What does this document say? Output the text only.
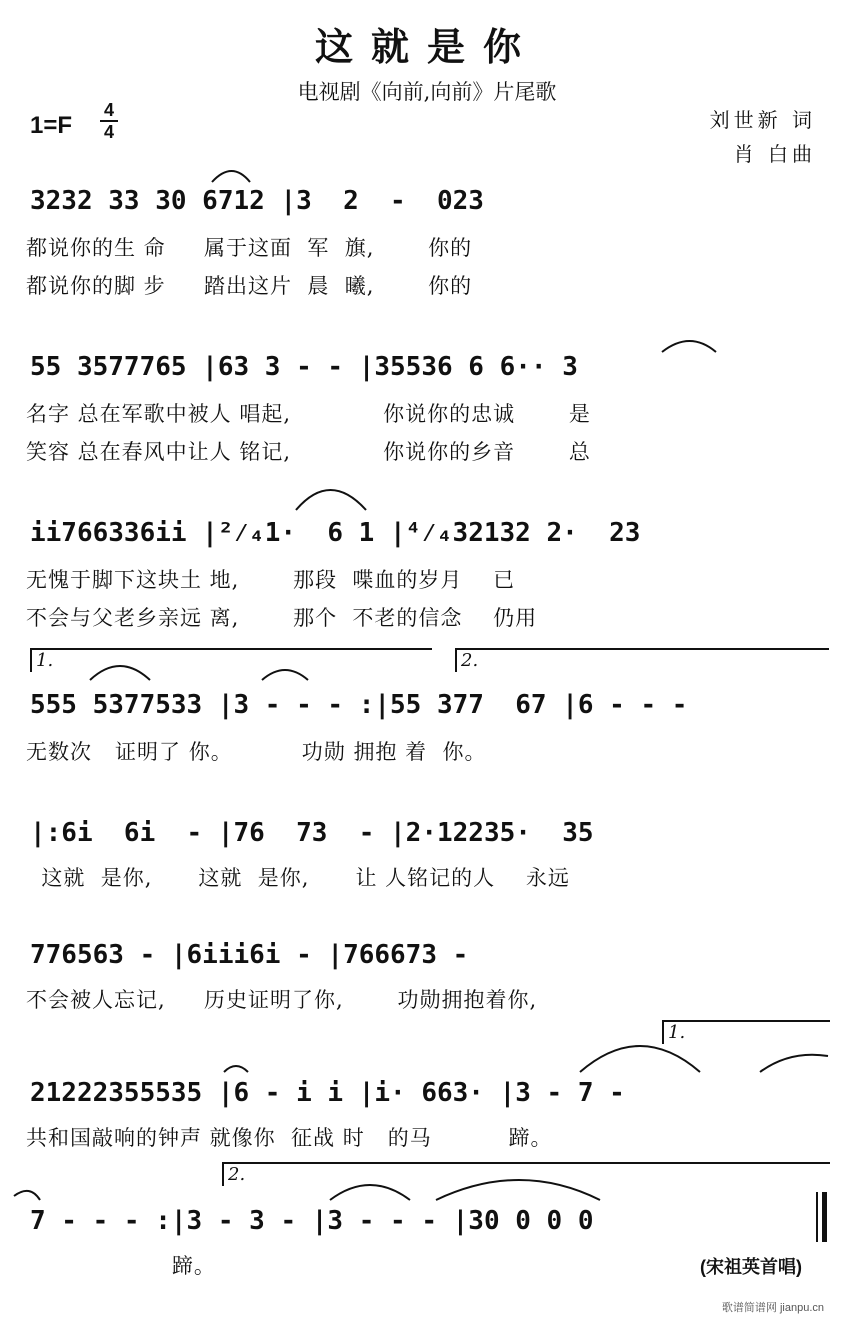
这就是你
电视剧《向前,向前》片尾歌
1=F
4
4	刘世新 词
肖 白曲
3232 33 30 6712 |3  2  -  023
都说你的生 命     属于这面  军  旗,       你的
都说你的脚 步     踏出这片  晨  曦,       你的
55 3577765 |63 3 - - |35536 6 6·· 3
名字 总在军歌中被人 唱起,            你说你的忠诚       是
笑容 总在春风中让人 铭记,            你说你的乡音       总
ii766336ii |²⁄₄1·  6 1 |⁴⁄₄32132 2·  23
无愧于脚下这块土 地,       那段  喋血的岁月    已
不会与父老乡亲远 离,       那个  不老的信念    仍用
1.	2.
555 5377533 |3 - - - :|55 377  67 |6 - - -
无数次   证明了 你。         功勋 拥抱 着  你。
|:6i  6i  - |76  73  - |2·12235·  35
这就  是你,      这就  是你,      让 人铭记的人    永远
776563 - |6iii6i - |766673 -
不会被人忘记,     历史证明了你,       功勋拥抱着你,
1.
21222355535 |6 - i i |i· 663· |3 - 7 -
共和国敲响的钟声 就像你  征战 时   的马          蹄。
2.
7 - - - :|3 - 3 - |3 - - - |30 0 0 0
蹄。	(宋祖英首唱)
歌谱简谱网 jianpu.cn
